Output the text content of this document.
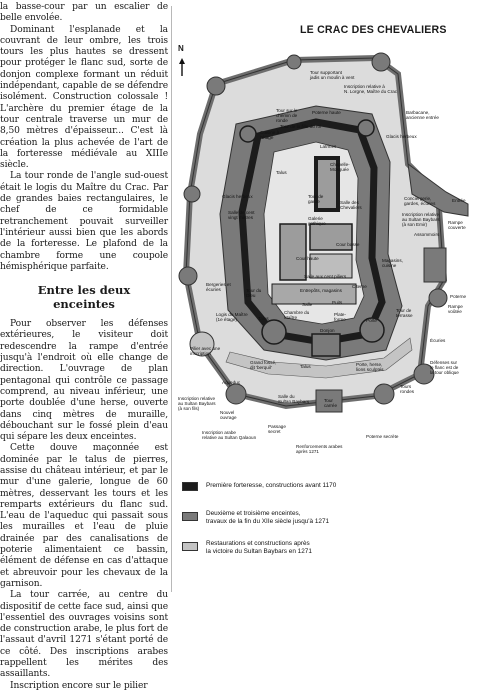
la basse-cour par un escalier de belle envolée.

Dominant l'esplanade et la couvrant de leur ombre, les trois tours les plus hautes se dressent pour protéger le flanc sud, sorte de donjon complexe formant un réduit indépendant, capable de se défendre isolément. Construction colossale ! L'archère du premier étage de la tour centrale traverse un mur de 8,50 mètres d'épaisseur... C'est là création la plus achevée de l'art de la forteresse médiévale au XIIIe siècle.

La tour ronde de l'angle sud-ouest était le logis du Maître du Crac. Par de grandes baies rectangulaires, le chef de ce formidable retranchement pouvait surveiller l'intérieur aussi bien que les abords de la forteresse. Le plafond de la chambre forme une coupole hémisphérique parfaite.

Entre les deux
enceintes

Pour observer les défenses extérieures, le visiteur doit redescendre la rampe d'entrée jusqu'à l'endroit où elle change de direction. L'ouvrage de plan pentagonal qui contrôle ce passage comprend, au niveau inférieur, une porte doublée d'une herse, ouverte dans cinq mètres de muraille, débouchant sur le fossé plein d'eau qui sépare les deux enceintes.

Cette douve maçonnée est dominée par le talus de pierres, assise du château intérieur, et par le mur d'une galerie, longue de 60 mètres, desservant les tours et les remparts extérieurs du flanc sud. L'eau de l'aqueduc qui passait sous les murailles et l'eau de pluie drainée par des canalisations de poterie alimentaient ce bassin, élément de défense en cas d'attaque et abreuvoir pour les chevaux de la garnison.

La tour carrée, au centre du dispositif de cette face sud, ainsi que l'essentiel des ouvrages voisins sont de construction arabe, le plus fort de l'assaut d'avril 1271 s'étant porté de ce côté. Des inscriptions arabes rappellent les mérites des assaillants.

Inscription encore sur le pilier

LE CRAC DES CHEVALIERS
N
Tour supportant
jadis un moulin à vent
Inscription relative à
N. Lorgne, Maître du Crac
Poterne haute
Tour sur le
chemin de
ronde
Tour de la fille du roi
Barbacane,
ancienne entrée
Cuisine à
l'étage	Glacis herbeux
Latrines
Chapelle-
Mosquée
Talus
Glacis herbeux
Salle de cent
vingt mètres
Tour de
garde	Salle des
Chevaliers
Galerie
gothique
Cour basse
Cour haute
Salle aux cent piliers
Entrepôts, magasins
Citerne
Puits
Magasins,
cuisine
Bergeries et
écuries	Tour du
Dieu
Salle
Logis du Maître
(1e étage)
Chambre du
Maître
Talus
Plate-
forme
Donjon
Porte
Tour de
terrasse
Grand fossé,
dit 'berquil'
Pilier avec une
inscription
Talus	Porte, herse,
lions sculptés
Inscription relative
au Sultan Baybars
(à son fils)
Aqueduc
Nouvel
ouvrage
Salle du
Sultan Baybars
Inscription arabe
relative au Sultan Qalaoun
Passage
secret
Renforcements arabes
après 1271
Poterne secrète
Tour
carrée
Conciergerie,
gardes, écuries
Inscription relative
au Sultan Baybars
(à son Emir)
Assommoirs
Entrée
Rampe
couverte
Poterne
Rampe
voûtée
Écuries
Défenses sur
le flanc est de
la tour oblique
Tours
rondes
Première forteresse, constructions avant 1170
Deuxième et troisième enceintes,
travaux de la fin du XIIe siècle jusqu'à 1271
Restaurations et constructions après
la victoire du Sultan Baybars en 1271
